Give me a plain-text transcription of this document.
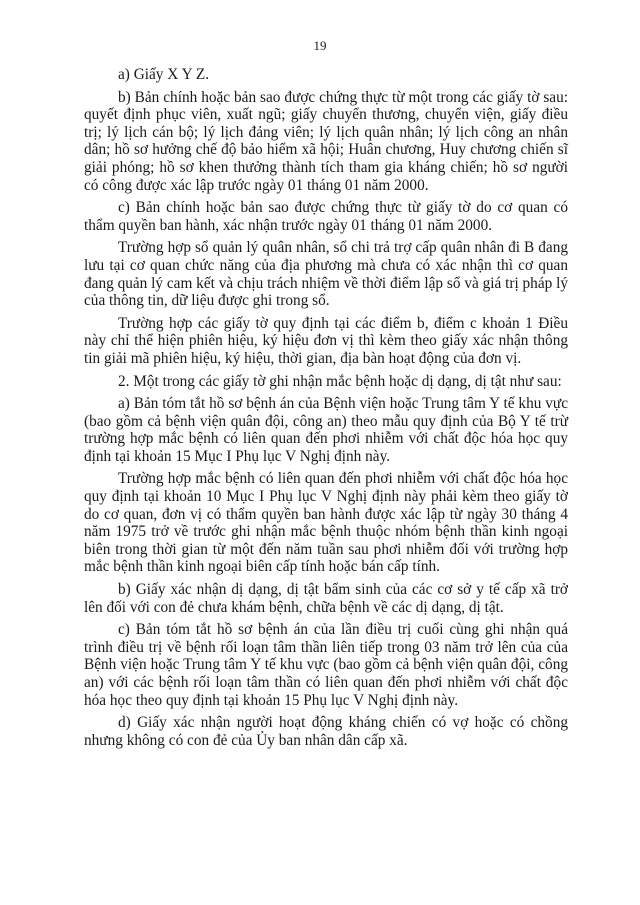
19

a) Giấy X Y Z.

b) Bản chính hoặc bản sao được chứng thực từ một trong các giấy tờ sau: quyết định phục viên, xuất ngũ; giấy chuyển thương, chuyển viện, giấy điều trị; lý lịch cán bộ; lý lịch đảng viên; lý lịch quân nhân; lý lịch công an nhân dân; hồ sơ hưởng chế độ bảo hiểm xã hội; Huân chương, Huy chương chiến sĩ giải phóng; hồ sơ khen thưởng thành tích tham gia kháng chiến; hồ sơ người có công được xác lập trước ngày 01 tháng 01 năm 2000.

c) Bản chính hoặc bản sao được chứng thực từ giấy tờ do cơ quan có thẩm quyền ban hành, xác nhận trước ngày 01 tháng 01 năm 2000.

Trường hợp sổ quản lý quân nhân, sổ chi trả trợ cấp quân nhân đi B đang lưu tại cơ quan chức năng của địa phương mà chưa có xác nhận thì cơ quan đang quản lý cam kết và chịu trách nhiệm về thời điểm lập sổ và giá trị pháp lý của thông tin, dữ liệu được ghi trong sổ.

Trường hợp các giấy tờ quy định tại các điểm b, điểm c khoản 1 Điều này chỉ thể hiện phiên hiệu, ký hiệu đơn vị thì kèm theo giấy xác nhận thông tin giải mã phiên hiệu, ký hiệu, thời gian, địa bàn hoạt động của đơn vị.

2. Một trong các giấy tờ ghi nhận mắc bệnh hoặc dị dạng, dị tật như sau:

a) Bản tóm tắt hồ sơ bệnh án của Bệnh viện hoặc Trung tâm Y tế khu vực (bao gồm cả bệnh viện quân đội, công an) theo mẫu quy định của Bộ Y tế trừ trường hợp mắc bệnh có liên quan đến phơi nhiễm với chất độc hóa học quy định tại khoản 15 Mục I Phụ lục V Nghị định này.

Trường hợp mắc bệnh có liên quan đến phơi nhiễm với chất độc hóa học quy định tại khoản 10 Mục I Phụ lục V Nghị định này phải kèm theo giấy tờ do cơ quan, đơn vị có thẩm quyền ban hành được xác lập từ ngày 30 tháng 4 năm 1975 trở về trước ghi nhận mắc bệnh thuộc nhóm bệnh thần kinh ngoại biên trong thời gian từ một đến năm tuần sau phơi nhiễm đối với trường hợp mắc bệnh thần kinh ngoại biên cấp tính hoặc bán cấp tính.

b) Giấy xác nhận dị dạng, dị tật bẩm sinh của các cơ sở y tế cấp xã trở lên đối với con đẻ chưa khám bệnh, chữa bệnh về các dị dạng, dị tật.

c) Bản tóm tắt hồ sơ bệnh án của lần điều trị cuối cùng ghi nhận quá trình điều trị về bệnh rối loạn tâm thần liên tiếp trong 03 năm trở lên của của Bệnh viện hoặc Trung tâm Y tế khu vực (bao gồm cả bệnh viện quân đội, công an) với các bệnh rối loạn tâm thần có liên quan đến phơi nhiễm với chất độc hóa học theo quy định tại khoản 15 Phụ lục V Nghị định này.

d) Giấy xác nhận người hoạt động kháng chiến có vợ hoặc có chồng nhưng không có con đẻ của Ủy ban nhân dân cấp xã.
